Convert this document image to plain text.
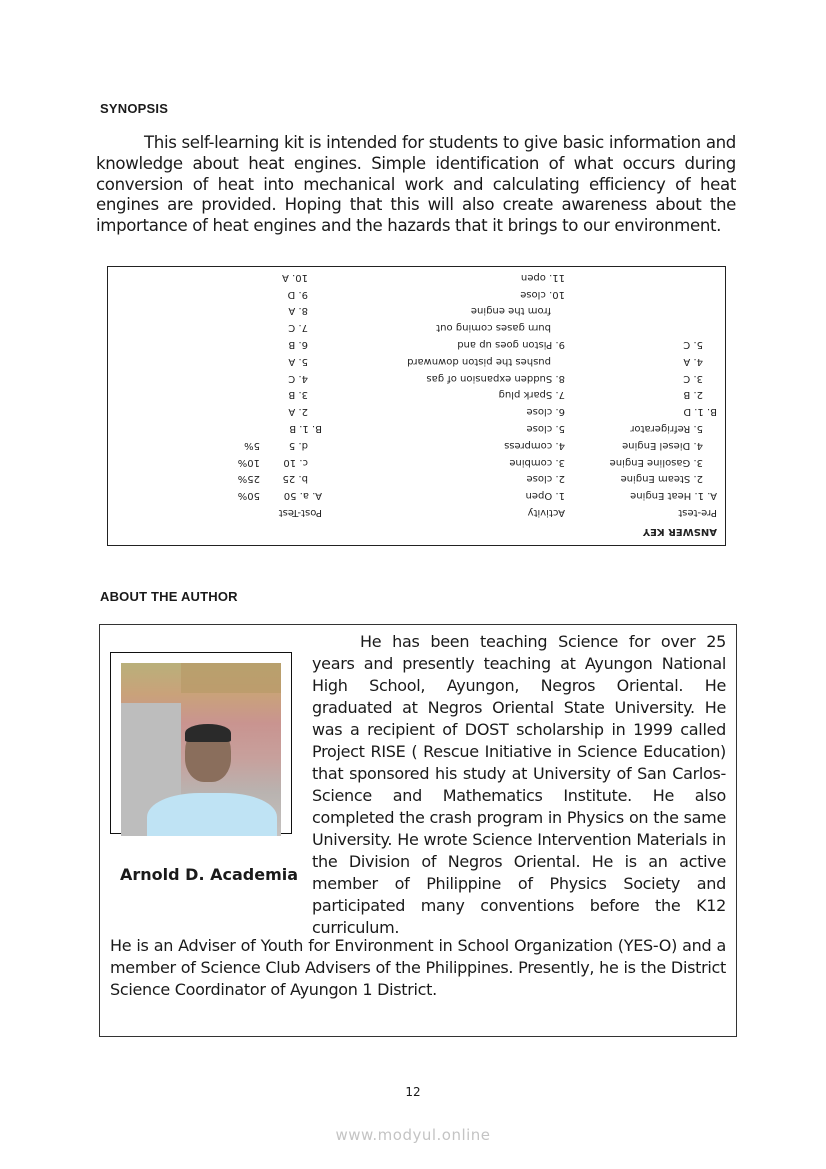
SYNOPSIS
This self-learning kit is intended for students to give basic information and knowledge about heat engines. Simple identification of what occurs during conversion of heat into mechanical work and calculating efficiency of heat engines are provided. Hoping that this will also create awareness about the importance of heat engines and the hazards that it brings to our environment.
ANSWER KEY
Pre-test
A. 1. Heat Engine
2. Steam Engine
3. Gasoline Engine
4. Diesel Engine
5. Refrigerator
B. 1. D
2. B
3. C
4. A
5. C
Activity
1. Open
2. close
3. combine
4. compress
5. close
6. close
7. Spark plug
8. Sudden expansion of gas
pushes the piston downward
9. Piston goes up and
burn gases coming out
from the engine
10. close
11. open
Post-Test
A. a. 5050%
b. 2525%
c. 1010%
d. 55%
B. 1. B
2. A
3. B
4. C
5. A
6. B
7. C
8. A
9. D
10. A
ABOUT THE AUTHOR
Arnold D. Academia
He has been teaching Science for over 25 years and presently teaching at Ayungon National High School, Ayungon, Negros Oriental. He graduated at Negros Oriental State University. He was a recipient of DOST scholarship in 1999 called Project RISE ( Rescue Initiative in Science Education) that sponsored his study at University of San Carlos-Science and Mathematics Institute. He also completed the crash program in Physics on the same University. He wrote Science Intervention Materials in the Division of Negros Oriental. He is an active member of Philippine of Physics Society and participated many conventions before the K12 curriculum.
He is an Adviser of Youth for Environment in School Organization (YES-O) and a member of Science Club Advisers of the Philippines. Presently, he is the District Science Coordinator of Ayungon 1 District.
12
www.modyul.online
